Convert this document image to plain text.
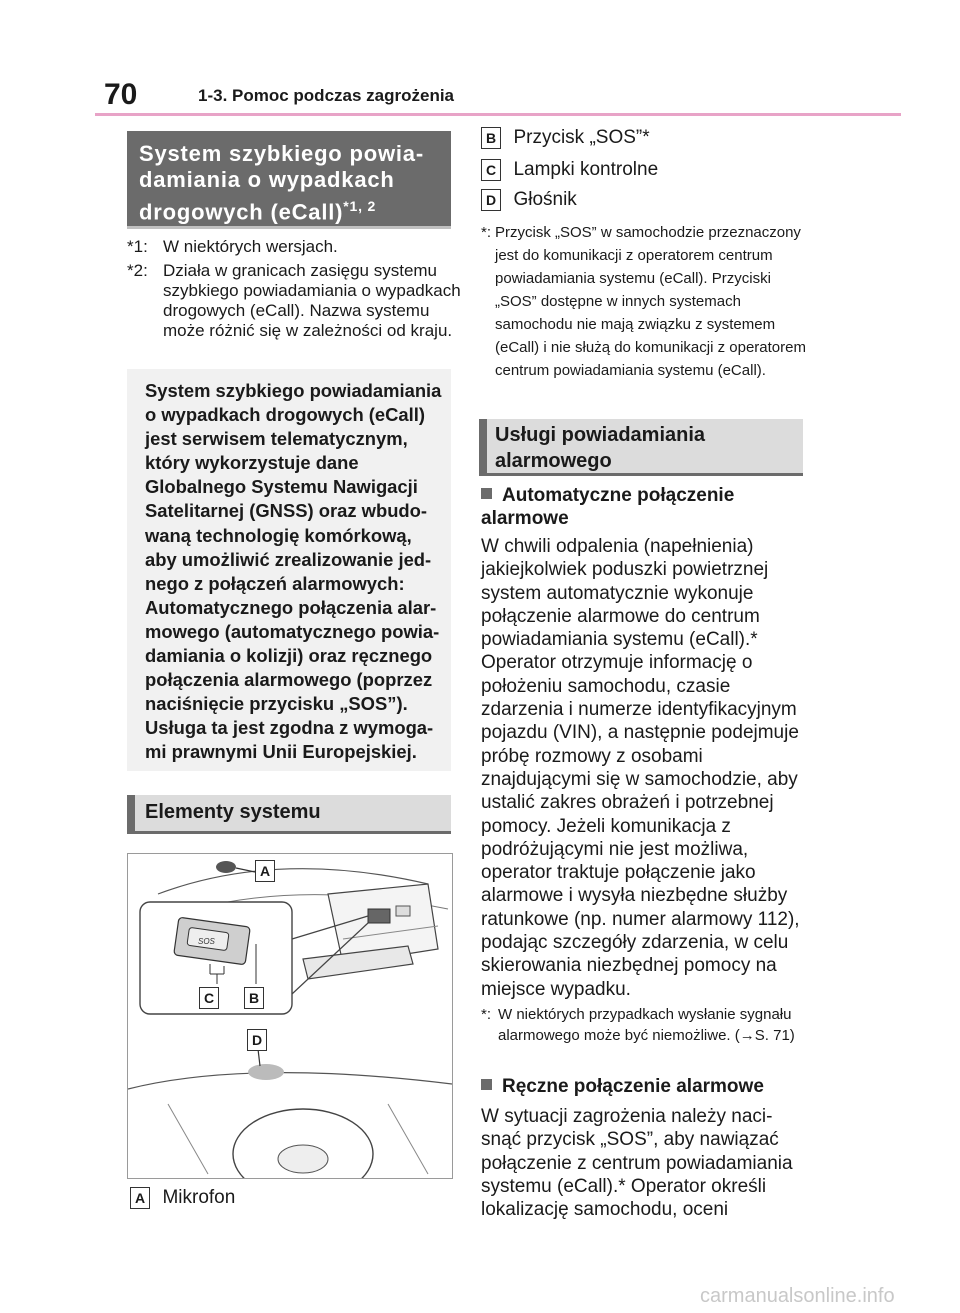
70	1-3. Pomoc podczas zagrożenia
System szybkiego powiadamiania o wypadkach drogowych (eCall)$^{*1, 2}$
*1: W niektórych wersjach.
*2: Działa w granicach zasięgu systemu szybkiego powiadamiania o wypadkach drogowych (eCall). Nazwa systemu może różnić się w zależności od kraju.
System szybkiego powiadamiania o wypadkach drogowych (eCall) jest serwisem telematycznym, który wykorzystuje dane Globalnego Systemu Nawigacji Satelitarnej (GNSS) oraz wbudowaną technologię komórkową, aby umożliwić zrealizowanie jednego z połączeń alarmowych: Automatycznego połączenia alarmowego (automatycznego powiadamiania o kolizji) oraz ręcznego połączenia alarmowego (poprzez naciśnięcie przycisku „SOS”). Usługa ta jest zgodna z wymogami prawnymi Unii Europejskiej.
Elementy systemu
SOS
A
B
C
D
A Mikrofon
B Przycisk „SOS”*
C Lampki kontrolne
D Głośnik
*: Przycisk „SOS” w samochodzie przeznaczony jest do komunikacji z operatorem centrum powiadamiania systemu (eCall). Przyciski „SOS” dostępne w innych systemach samochodu nie mają związku z systemem (eCall) i nie służą do komunikacji z operatorem centrum powiadamiania systemu (eCall).
Usługi powiadamiania alarmowego
Automatyczne połączenie alarmowe
W chwili odpalenia (napełnienia) jakiejkolwiek poduszki powietrznej system automatycznie wykonuje połączenie alarmowe do centrum powiadamiania systemu (eCall).* Operator otrzymuje informację o położeniu samochodu, czasie zdarzenia i numerze identyfikacyjnym pojazdu (VIN), a następnie podejmuje próbę rozmowy z osobami znajdującymi się w samochodzie, aby ustalić zakres obrażeń i potrzebnej pomocy. Jeżeli komunikacja z podróżującymi nie jest możliwa, operator traktuje połączenie jako alarmowe i wysyła niezbędne służby ratunkowe (np. numer alarmowy 112), podając szczegóły zdarzenia, w celu skierowania niezbędnej pomocy na miejsce wypadku.
*: W niektórych przypadkach wysłanie sygnału alarmowego może być niemożliwe. (→S. 71)
Ręczne połączenie alarmowe
W sytuacji zagrożenia należy nacisnąć przycisk „SOS”, aby nawiązać połączenie z centrum powiadamiania systemu (eCall).* Operator określi lokalizację samochodu, oceni
carmanualsonline.info
